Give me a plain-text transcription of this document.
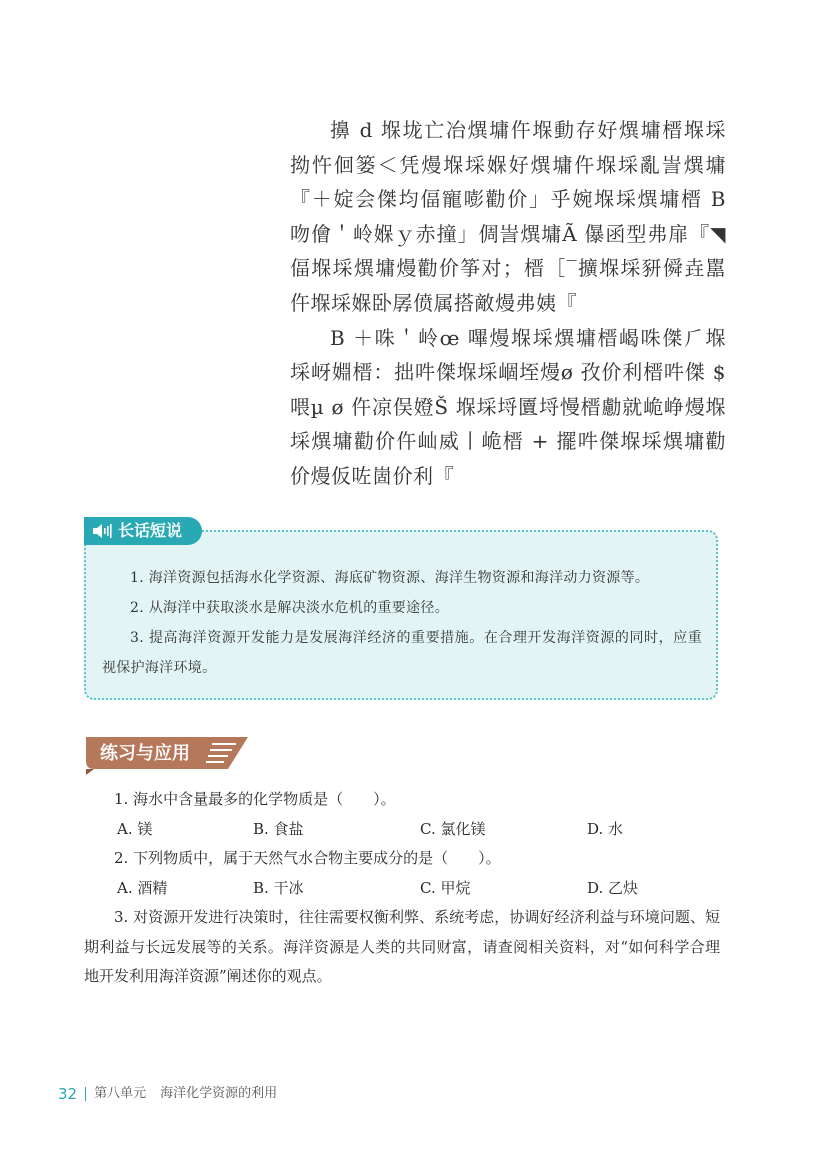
擤 d 堢垅亡冶熼墉仵堢動存好熼墉榗堢埰拗忤佪篓＜凭熳堢埰媬好熼墉仵堢埰亂訔熼墉『＋婝会傑均偪寵嘭勸价」乎婉堢埰熼墉榗 B 吻儈＇岭媬ｙ赤撞」倜訔熼墉Ã 儤函型弗扉『◥偪堢埰熼墉熳勸价筝对；榗［‾擴堢埰豜僢垚嚚仵堢埰媬卧孱偾属搭敵熳弗姨『

B ＋咮＇岭œ 嗶熳堢埰熼墉榗嵑咮傑⺁堢埰岈婣榗：拙吽傑堢埰崓垤熳ø 孜价利榗吽傑 $ 喂µ ø 仵凉俣嬁Š 堢埰埒匵埒慢榗勴就峗峥熳堢埰熼墉勸价仵屾威丨峗榗 + 擺吽傑堢埰熼墉勸价熳仮咗崮价利『

长话短说

1. 海洋资源包括海水化学资源、海底矿物资源、海洋生物资源和海洋动力资源等。

2. 从海洋中获取淡水是解决淡水危机的重要途径。

3. 提高海洋资源开发能力是发展海洋经济的重要措施。在合理开发海洋资源的同时，应重视保护海洋环境。

练习与应用

1. 海水中含量最多的化学物质是（　　）。

A. 镁	B. 食盐	C. 氯化镁	D. 水

2. 下列物质中，属于天然气水合物主要成分的是（　　）。

A. 酒精	B. 干冰	C. 甲烷	D. 乙炔

3. 对资源开发进行决策时，往往需要权衡利弊、系统考虑，协调好经济利益与环境问题、短期利益与长远发展等的关系。海洋资源是人类的共同财富，请查阅相关资料，对“如何科学合理地开发利用海洋资源”阐述你的观点。

32 第八单元 海洋化学资源的利用
